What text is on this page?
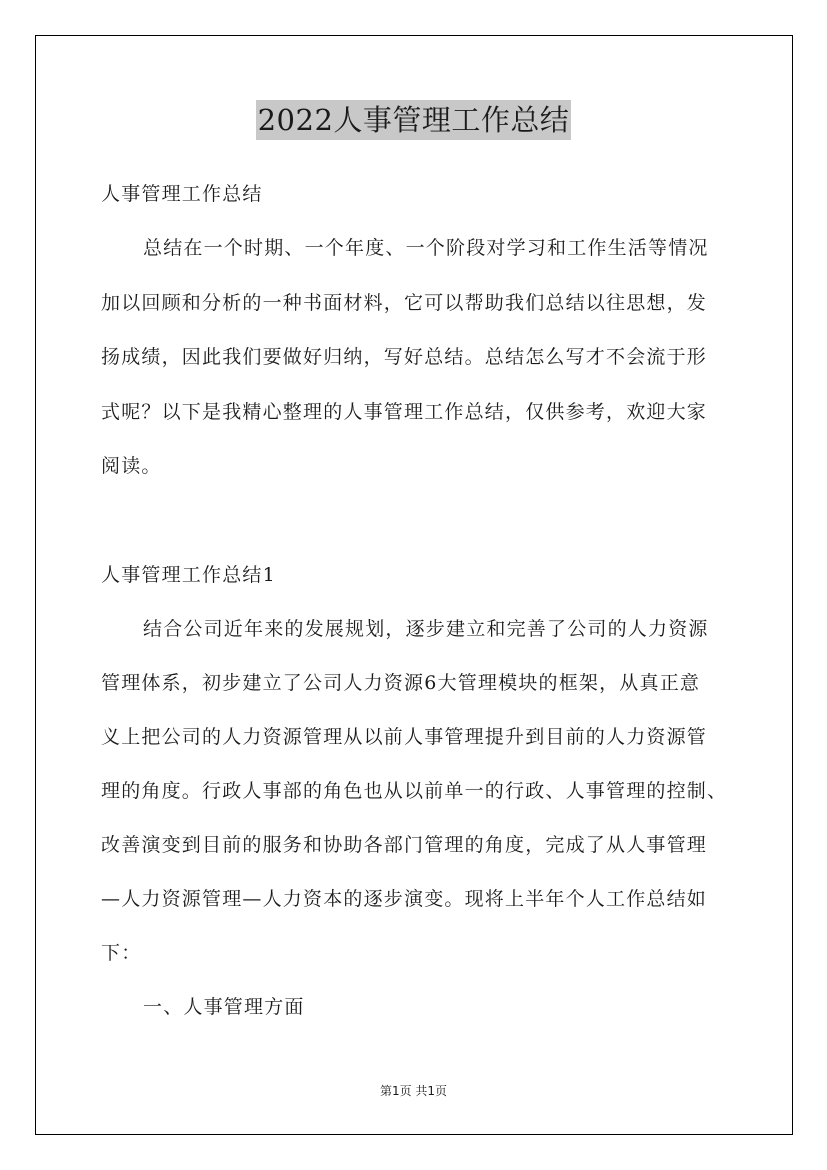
2022人事管理工作总结
人事管理工作总结
总结在一个时期、一个年度、一个阶段对学习和工作生活等情况
加以回顾和分析的一种书面材料，它可以帮助我们总结以往思想，发
扬成绩，因此我们要做好归纳，写好总结。总结怎么写才不会流于形
式呢？以下是我精心整理的人事管理工作总结，仅供参考，欢迎大家
阅读。
人事管理工作总结1
结合公司近年来的发展规划，逐步建立和完善了公司的人力资源
管理体系，初步建立了公司人力资源6大管理模块的框架，从真正意
义上把公司的人力资源管理从以前人事管理提升到目前的人力资源管
理的角度。行政人事部的角色也从以前单一的行政、人事管理的控制、
改善演变到目前的服务和协助各部门管理的角度，完成了从人事管理
—人力资源管理—人力资本的逐步演变。现将上半年个人工作总结如
下：
一、人事管理方面
第1页 共1页
